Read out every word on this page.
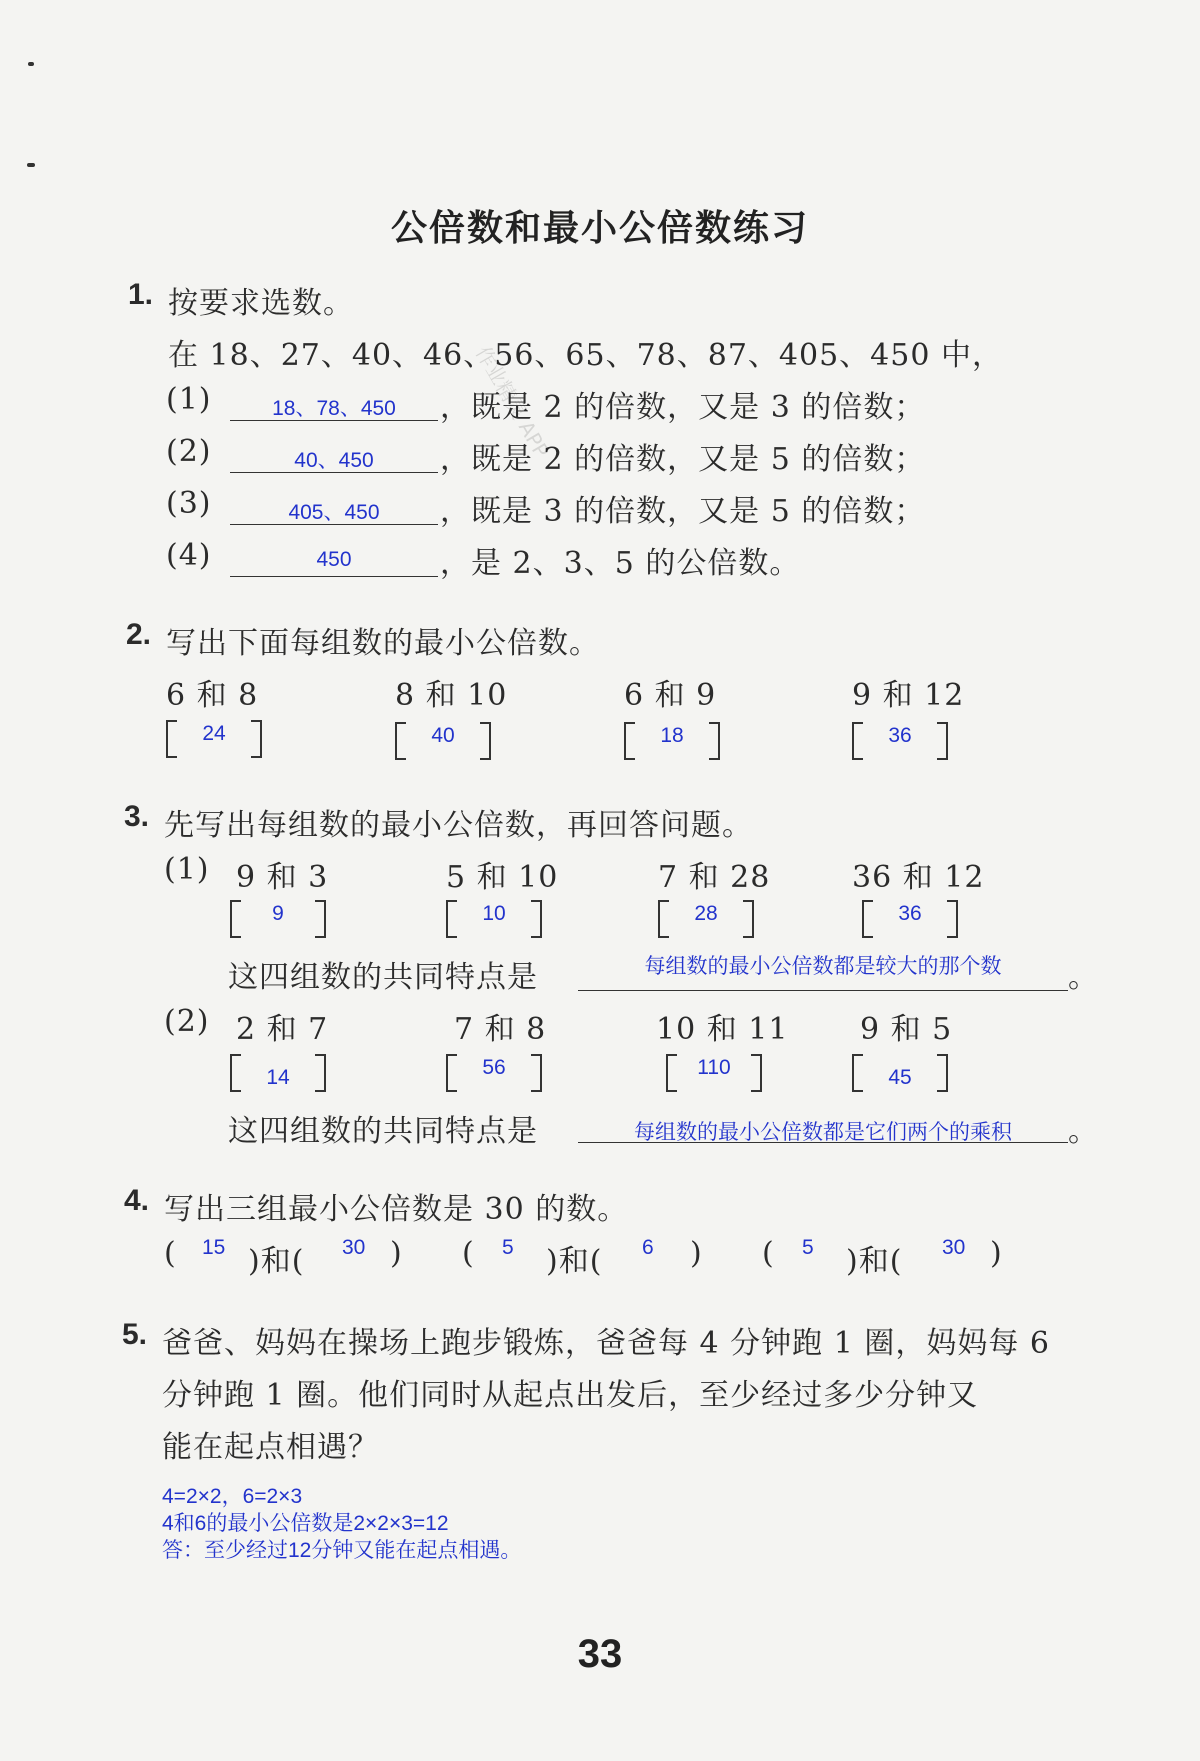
作业精灵 APP
公倍数和最小公倍数练习
1. 按要求选数。
在 18、27、40、46、56、65、78、87、405、450 中，
(1)	18、78、450	，既是 2 的倍数，又是 3 的倍数；
(2)	40、450	，既是 2 的倍数，又是 5 的倍数；
(3)	405、450	，既是 3 的倍数，又是 5 的倍数；
(4)	450	，是 2、3、5 的公倍数。
2. 写出下面每组数的最小公倍数。
6 和 8
24
8 和 10
40
6 和 9
18
9 和 12
36
3. 先写出每组数的最小公倍数，再回答问题。
(1) 9 和 3
9
5 和 10
10
7 和 28
28
36 和 12
36
这四组数的共同特点是	每组数的最小公倍数都是较大的那个数	。
(2) 2 和 7
14
7 和 8
56
10 和 11
110
9 和 5
45
这四组数的共同特点是	每组数的最小公倍数都是它们两个的乘积	。
4. 写出三组最小公倍数是 30 的数。
( 15 )和( 30 ) ( 5 )和( 6 ) ( 5 )和( 30 )
5. 爸爸、妈妈在操场上跑步锻炼，爸爸每 4 分钟跑 1 圈，妈妈每 6
分钟跑 1 圈。他们同时从起点出发后，至少经过多少分钟又
能在起点相遇？
4=2×2，6=2×3
4和6的最小公倍数是2×2×3=12
答：至少经过12分钟又能在起点相遇。
33
